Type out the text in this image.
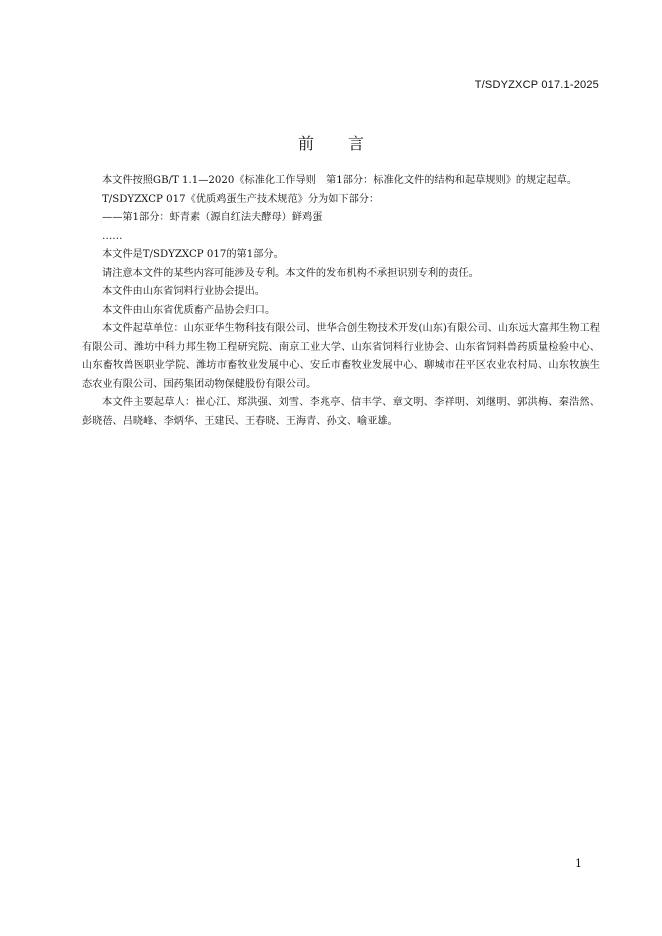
T/SDYZXCP 017.1-2025
前言

本文件按照GB/T 1.1—2020《标准化工作导则　第1部分：标准化文件的结构和起草规则》的规定起草。

T/SDYZXCP 017《优质鸡蛋生产技术规范》分为如下部分：

——第1部分：虾青素（源自红法夫酵母）鲜鸡蛋

……

本文件是T/SDYZXCP 017的第1部分。

请注意本文件的某些内容可能涉及专利。本文件的发布机构不承担识别专利的责任。

本文件由山东省饲料行业协会提出。

本文件由山东省优质畜产品协会归口。

本文件起草单位：山东亚华生物科技有限公司、世华合创生物技术开发(山东)有限公司、山东远大富邦生物工程有限公司、潍坊中科力邦生物工程研究院、南京工业大学、山东省饲料行业协会、山东省饲料兽药质量检验中心、山东畜牧兽医职业学院、潍坊市畜牧业发展中心、安丘市畜牧业发展中心、聊城市茌平区农业农村局、山东牧族生态农业有限公司、国药集团动物保健股份有限公司。

本文件主要起草人：崔心江、郑洪强、刘雪、李兆亭、信丰学、章文明、李祥明、刘继明、郭洪梅、秦浩然、彭晓蓓、吕晓峰、李炳华、王建民、王春晓、王海青、孙文、喻亚雄。

1
